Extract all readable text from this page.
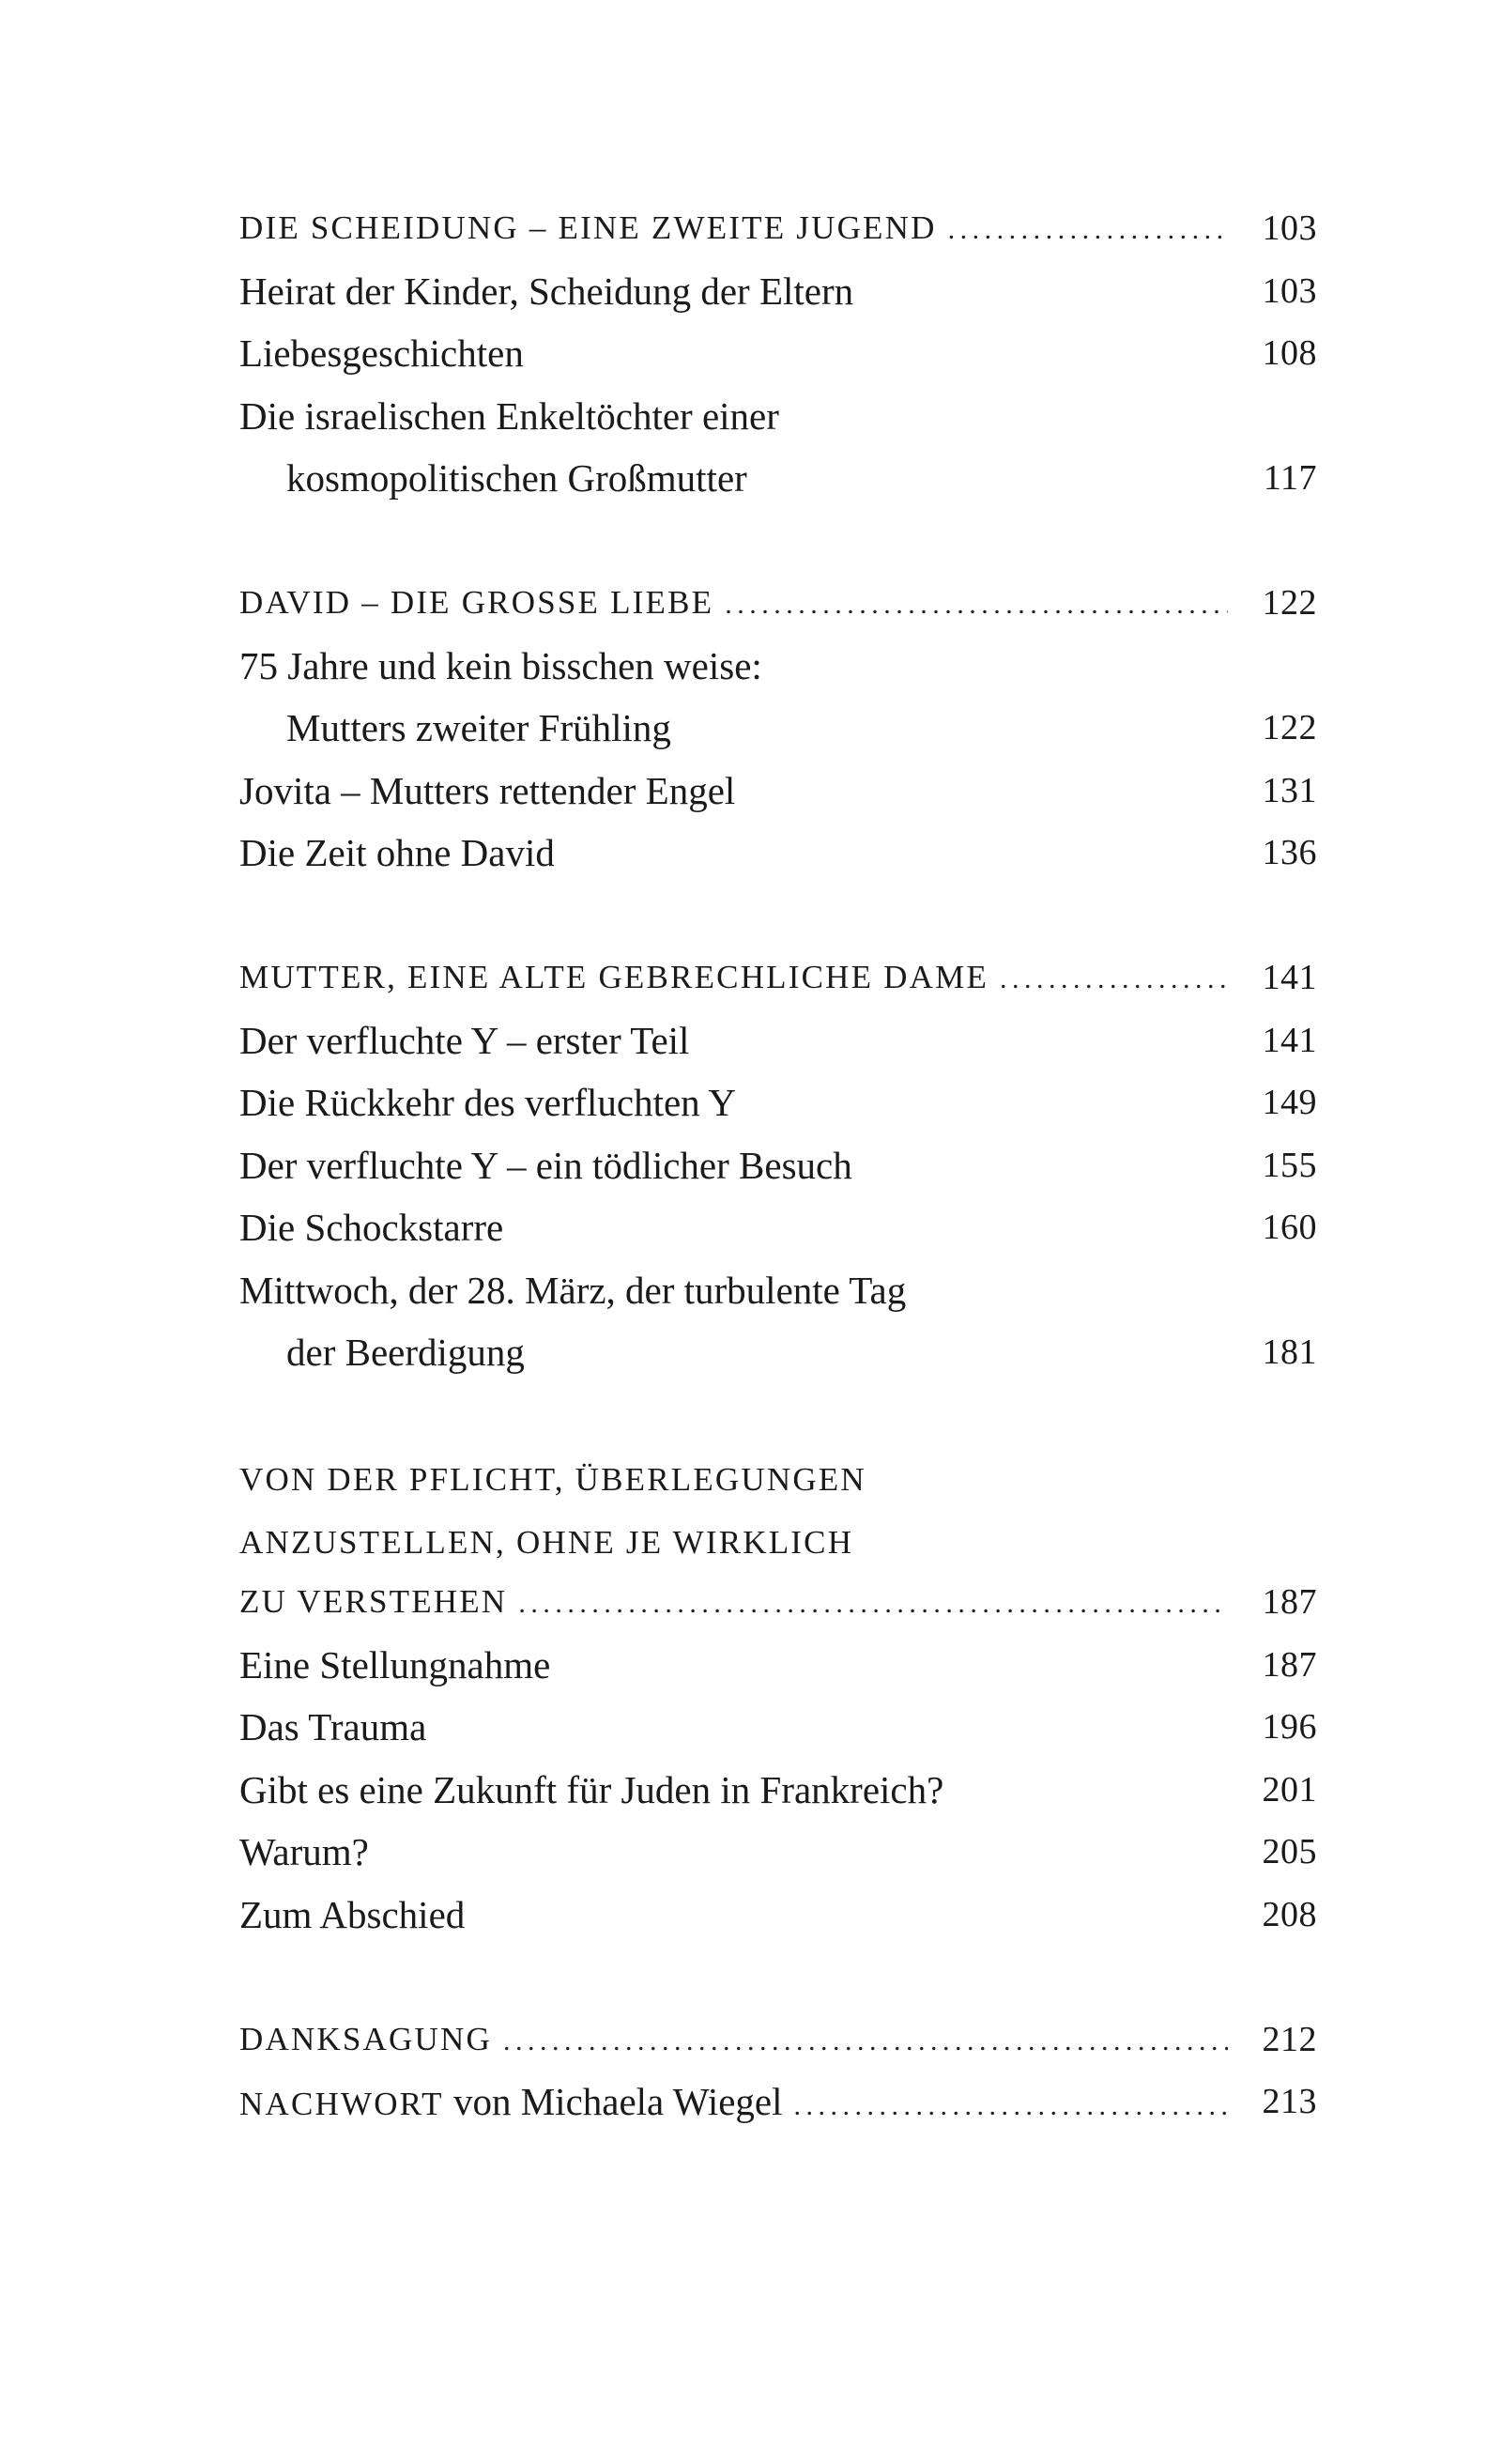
DIE SCHEIDUNG – EINE ZWEITE JUGEND . . .	103
Heirat der Kinder, Scheidung der Eltern	103
Liebesgeschichten	108
Die israelischen Enkeltöchter einer
kosmopolitischen Großmutter	117
DAVID – DIE GROSSE LIEBE . . .	122
75 Jahre und kein bisschen weise:
Mutters zweiter Frühling	122
Jovita – Mutters rettender Engel	131
Die Zeit ohne David	136
MUTTER, EINE ALTE GEBRECHLICHE DAME . . .	141
Der verfluchte Y – erster Teil	141
Die Rückkehr des verfluchten Y	149
Der verfluchte Y – ein tödlicher Besuch	155
Die Schockstarre	160
Mittwoch, der 28. März, der turbulente Tag
der Beerdigung	181
VON DER PFLICHT, ÜBERLEGUNGEN
ANZUSTELLEN, OHNE JE WIRKLICH
ZU VERSTEHEN . . .	187
Eine Stellungnahme	187
Das Trauma	196
Gibt es eine Zukunft für Juden in Frankreich?	201
Warum?	205
Zum Abschied	208
DANKSAGUNG . . .	212
NACHWORT von Michaela Wiegel . . .	213
